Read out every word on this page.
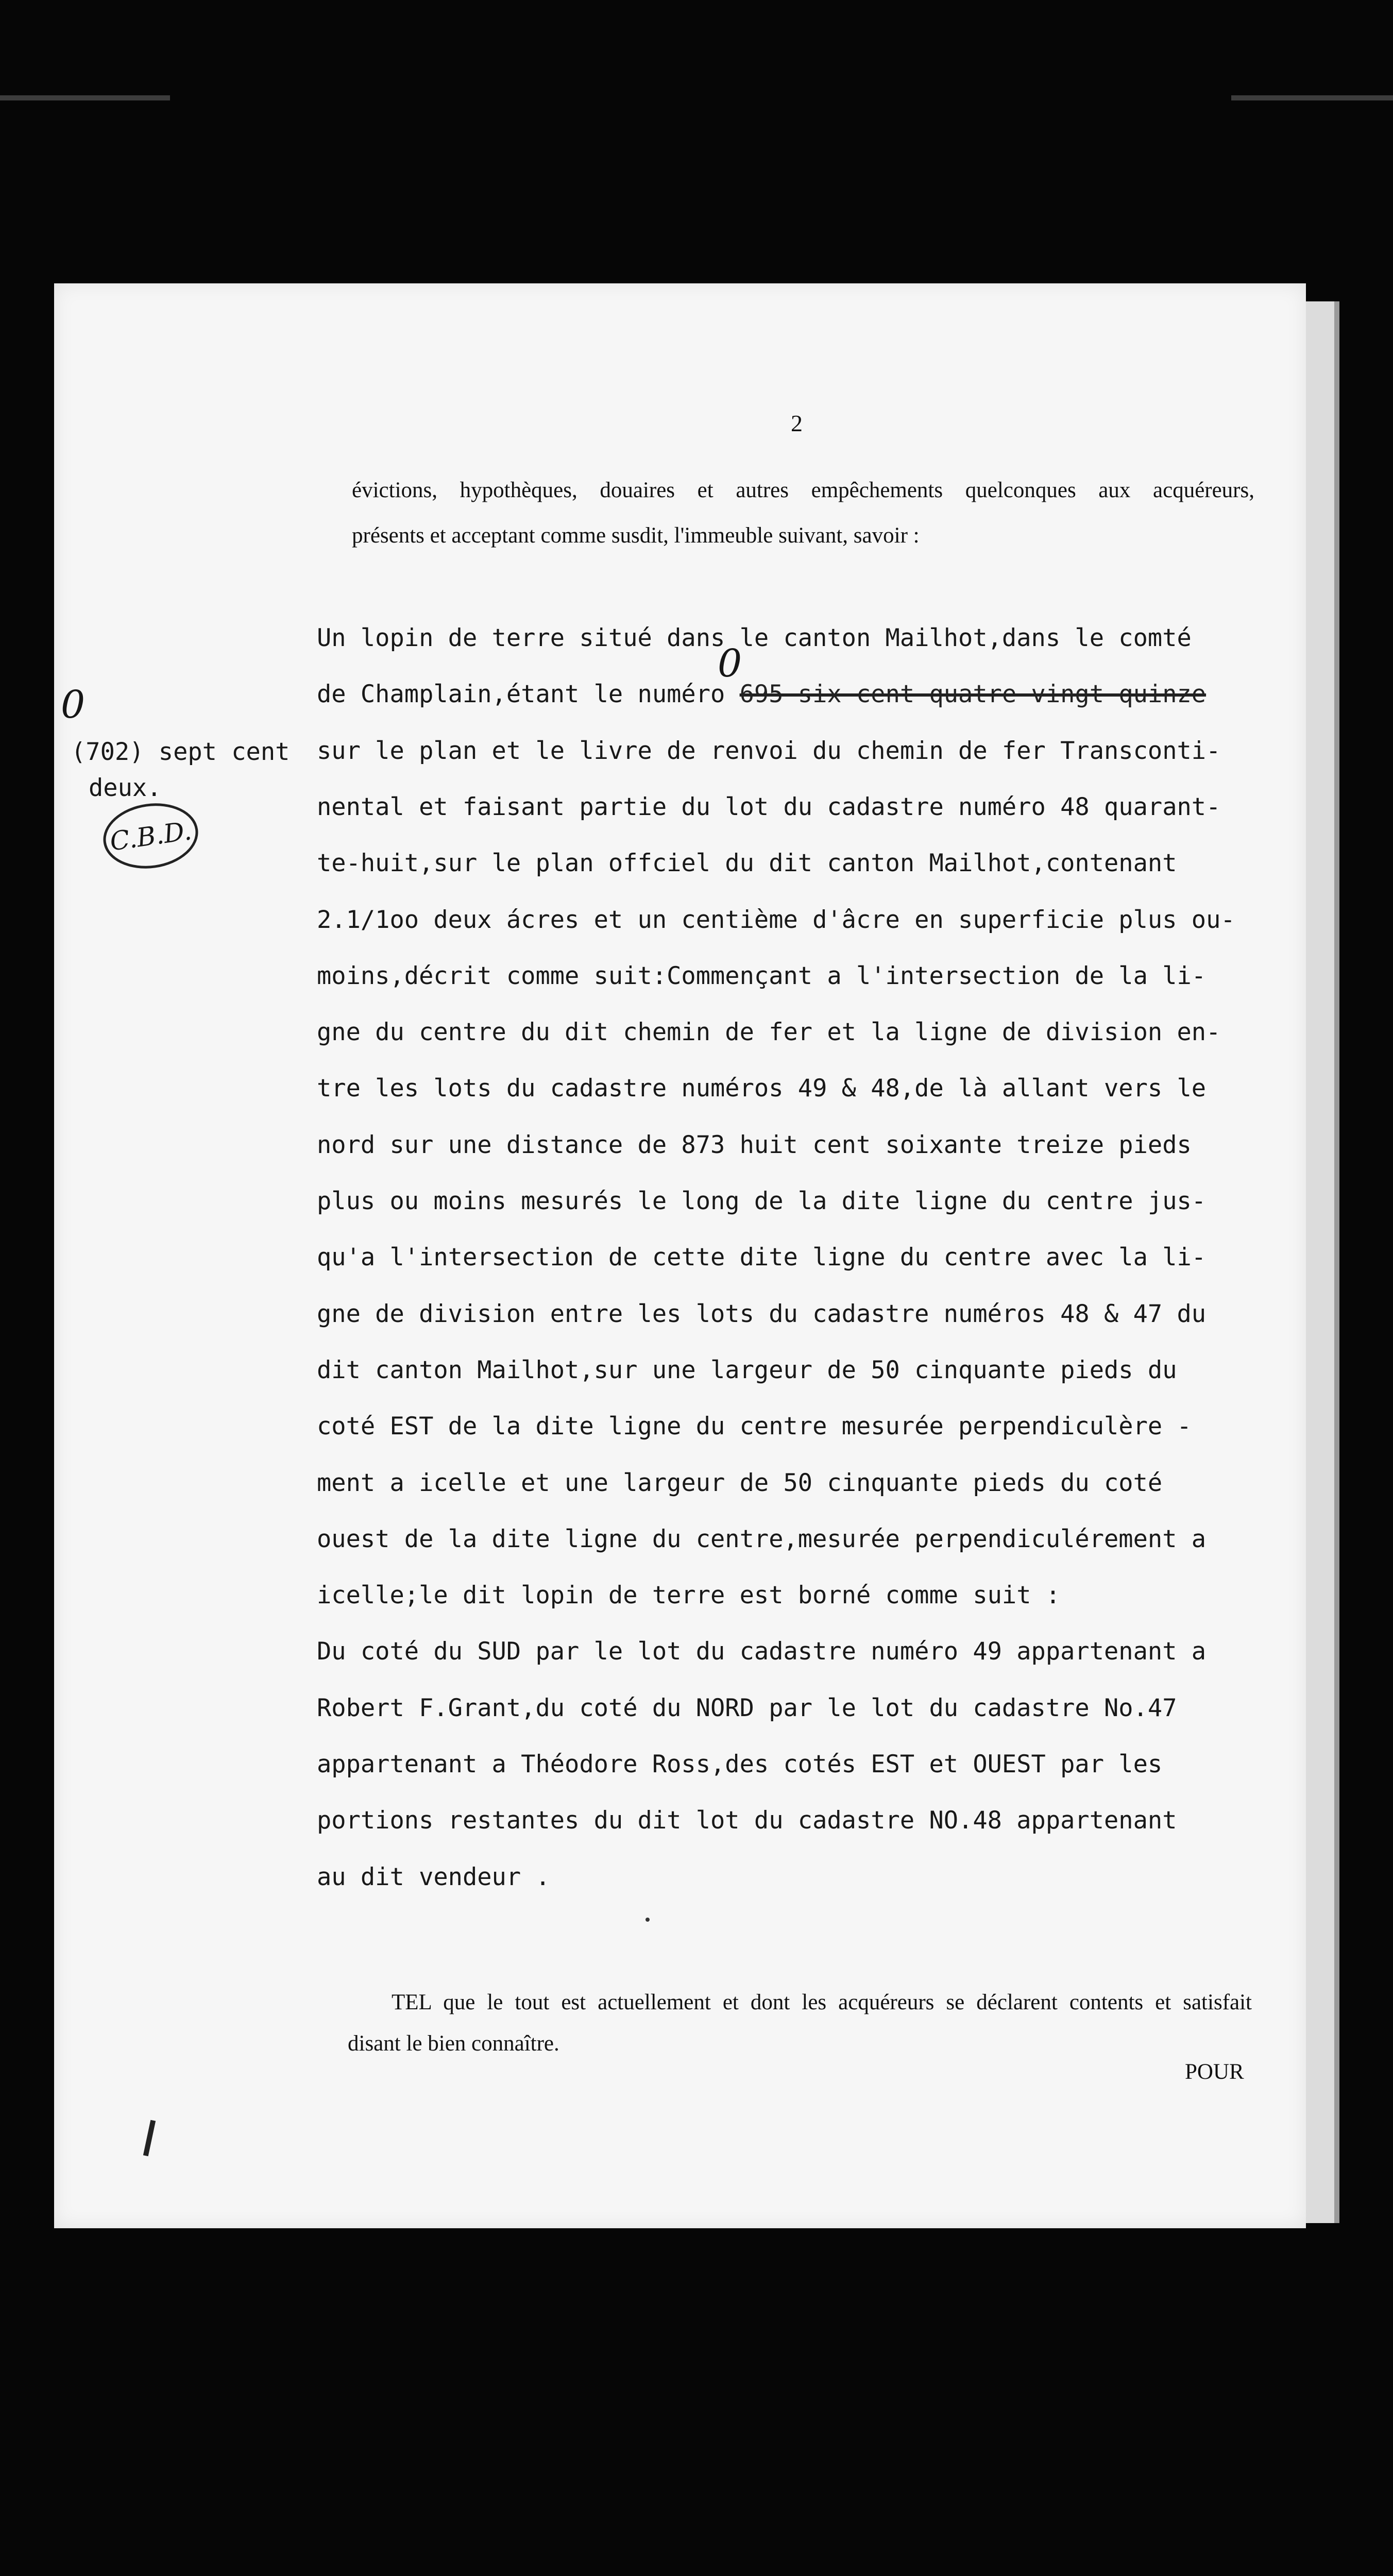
2
évictions, hypothèques, douaires et autres empêchements quelconques aux acquéreurs,
présents et acceptant comme susdit, l'immeuble suivant, savoir :
Un lopin de terre situé dans le canton Mailhot,dans le comté
de Champlain,étant le numéro 695 six cent quatre vingt quinze
sur le plan et le livre de renvoi du chemin de fer Transconti-
nental et faisant partie du lot du cadastre numéro 48 quarant-
te-huit,sur le plan offciel du dit canton Mailhot,contenant
2.1/1oo deux ácres et un centième d'âcre en superficie plus ou-
moins,décrit comme suit:Commençant a l'intersection de la li-
gne du centre du dit chemin de fer et la ligne de division en-
tre les lots du cadastre numéros 49 & 48,de là allant vers le
nord sur une distance de 873 huit cent soixante treize pieds
plus ou moins mesurés le long de la dite ligne du centre jus-
qu'a l'intersection de cette dite ligne du centre avec la li-
gne de division entre les lots du cadastre numéros 48 & 47 du
dit canton Mailhot,sur une largeur de 50 cinquante pieds du
coté EST de la dite ligne du centre mesurée perpendiculère -
ment a icelle et une largeur de 50 cinquante pieds du coté
ouest de la dite ligne du centre,mesurée perpendiculérement a
icelle;le dit lopin de terre est borné comme suit :
Du coté du SUD par le lot du cadastre numéro 49 appartenant a
Robert F.Grant,du coté du NORD par le lot du cadastre No.47
appartenant a Théodore Ross,des cotés EST et OUEST par les
portions restantes du dit lot du cadastre NO.48 appartenant
au dit vendeur .
(702) sept cent
deux.
0
0
C.B.D.
TEL que le tout est actuellement et dont les acquéreurs se déclarent contents et satisfait
disant le bien connaître.
POUR
